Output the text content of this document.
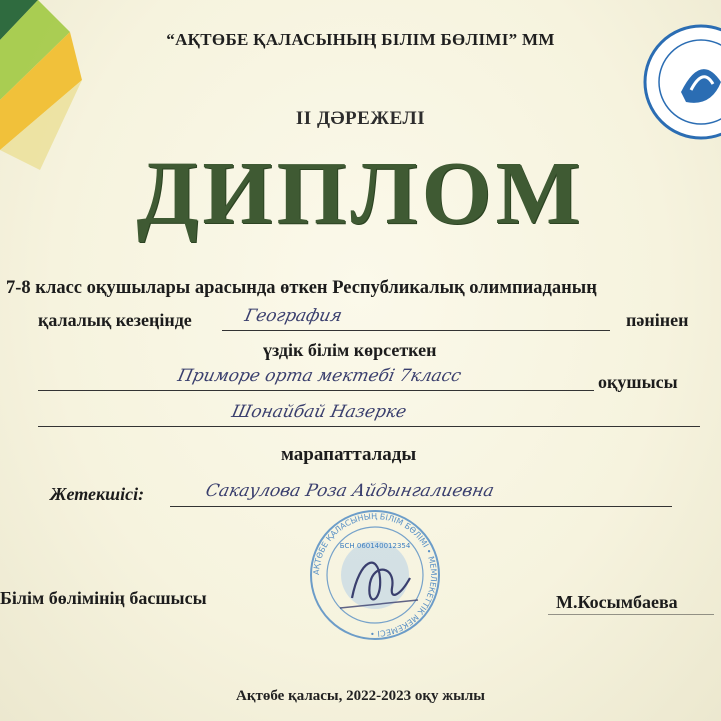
“АҚТӨБЕ ҚАЛАСЫНЫҢ БІЛІМ БӨЛІМІ” ММ
II ДӘРЕЖЕЛІ
ДИПЛОМ
7-8 класс оқушылары арасында өткен Республикалық олимпиаданың
қалалық кезеңінде	География	пәнінен
үздік білім көрсеткен
Приморе орта мектебі 7класс	оқушысы
Шонайбай Назерке
марапатталады
Жетекшісі:	Сакаулова Роза Айдынгалиевна
АҚТӨБЕ ҚАЛАСЫНЫҢ БІЛІМ БӨЛІМІ • МЕМЛЕКЕТТІК МЕКЕМЕСІ •
БСН 060140012354
Білім бөлімінің басшысы	М.Косымбаева
Ақтөбе қаласы, 2022-2023 оқу жылы
